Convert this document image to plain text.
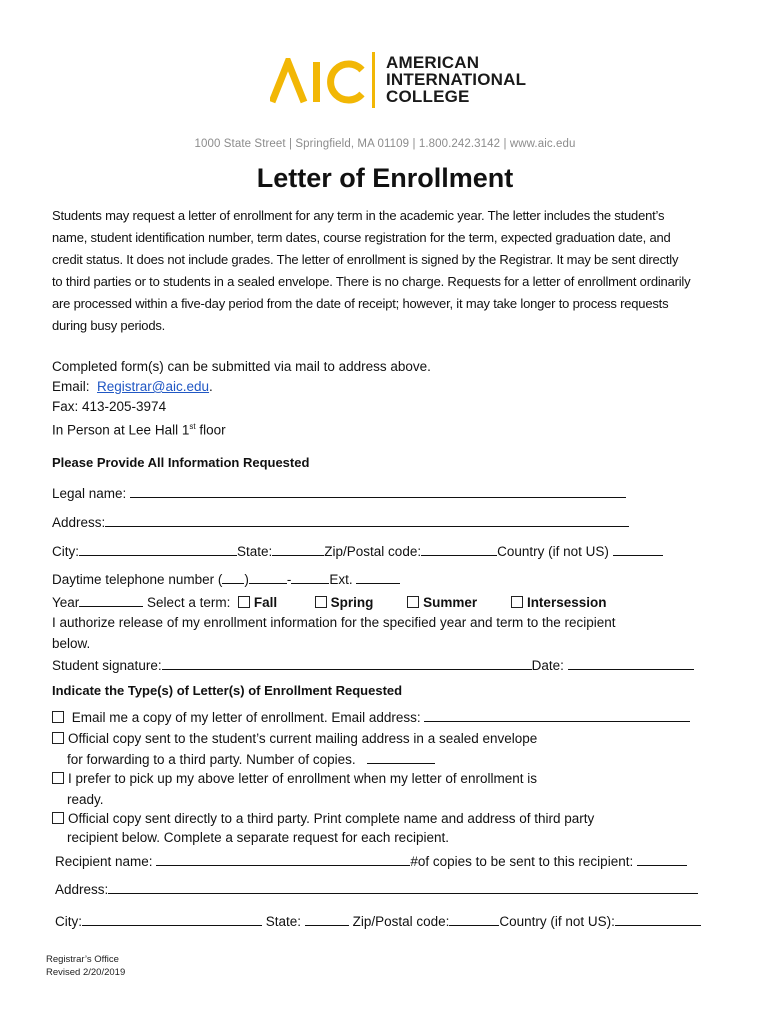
AMERICAN
INTERNATIONAL
COLLEGE
1000 State Street | Springfield, MA 01109 | 1.800.242.3142 | www.aic.edu
Letter of Enrollment
Students may request a letter of enrollment for any term in the academic year. The letter includes the student’s
name, student identification number, term dates, course registration for the term, expected graduation date, and
credit status. It does not include grades. The letter of enrollment is signed by the Registrar. It may be sent directly
to third parties or to students in a sealed envelope. There is no charge. Requests for a letter of enrollment ordinarily
are processed within a five-day period from the date of receipt; however, it may take longer to process requests
during busy periods.
Completed form(s) can be submitted via mail to address above.
Email: Registrar@aic.edu.
Fax: 413-205-3974
In Person at Lee Hall 1st floor
Please Provide All Information Requested
Legal name:
Address:
City:	State:	Zip/Postal code:	Country (if not US)
Daytime telephone number ( )	-	Ext.
Year	Select a term: Fall	Spring	Summer	Intersession
I authorize release of my enrollment information for the specified year and term to the recipient
below.
Student signature:	Date:
Indicate the Type(s) of Letter(s) of Enrollment Requested
Email me a copy of my letter of enrollment. Email address:
Official copy sent to the student’s current mailing address in a sealed envelope
for forwarding to a third party. Number of copies.
I prefer to pick up my above letter of enrollment when my letter of enrollment is
ready.
Official copy sent directly to a third party. Print complete name and address of third party
recipient below. Complete a separate request for each recipient.
Recipient name:	#of copies to be sent to this recipient:
Address:
City:	State:	Zip/Postal code:	Country (if not US):
Registrar’s Office
Revised 2/20/2019
